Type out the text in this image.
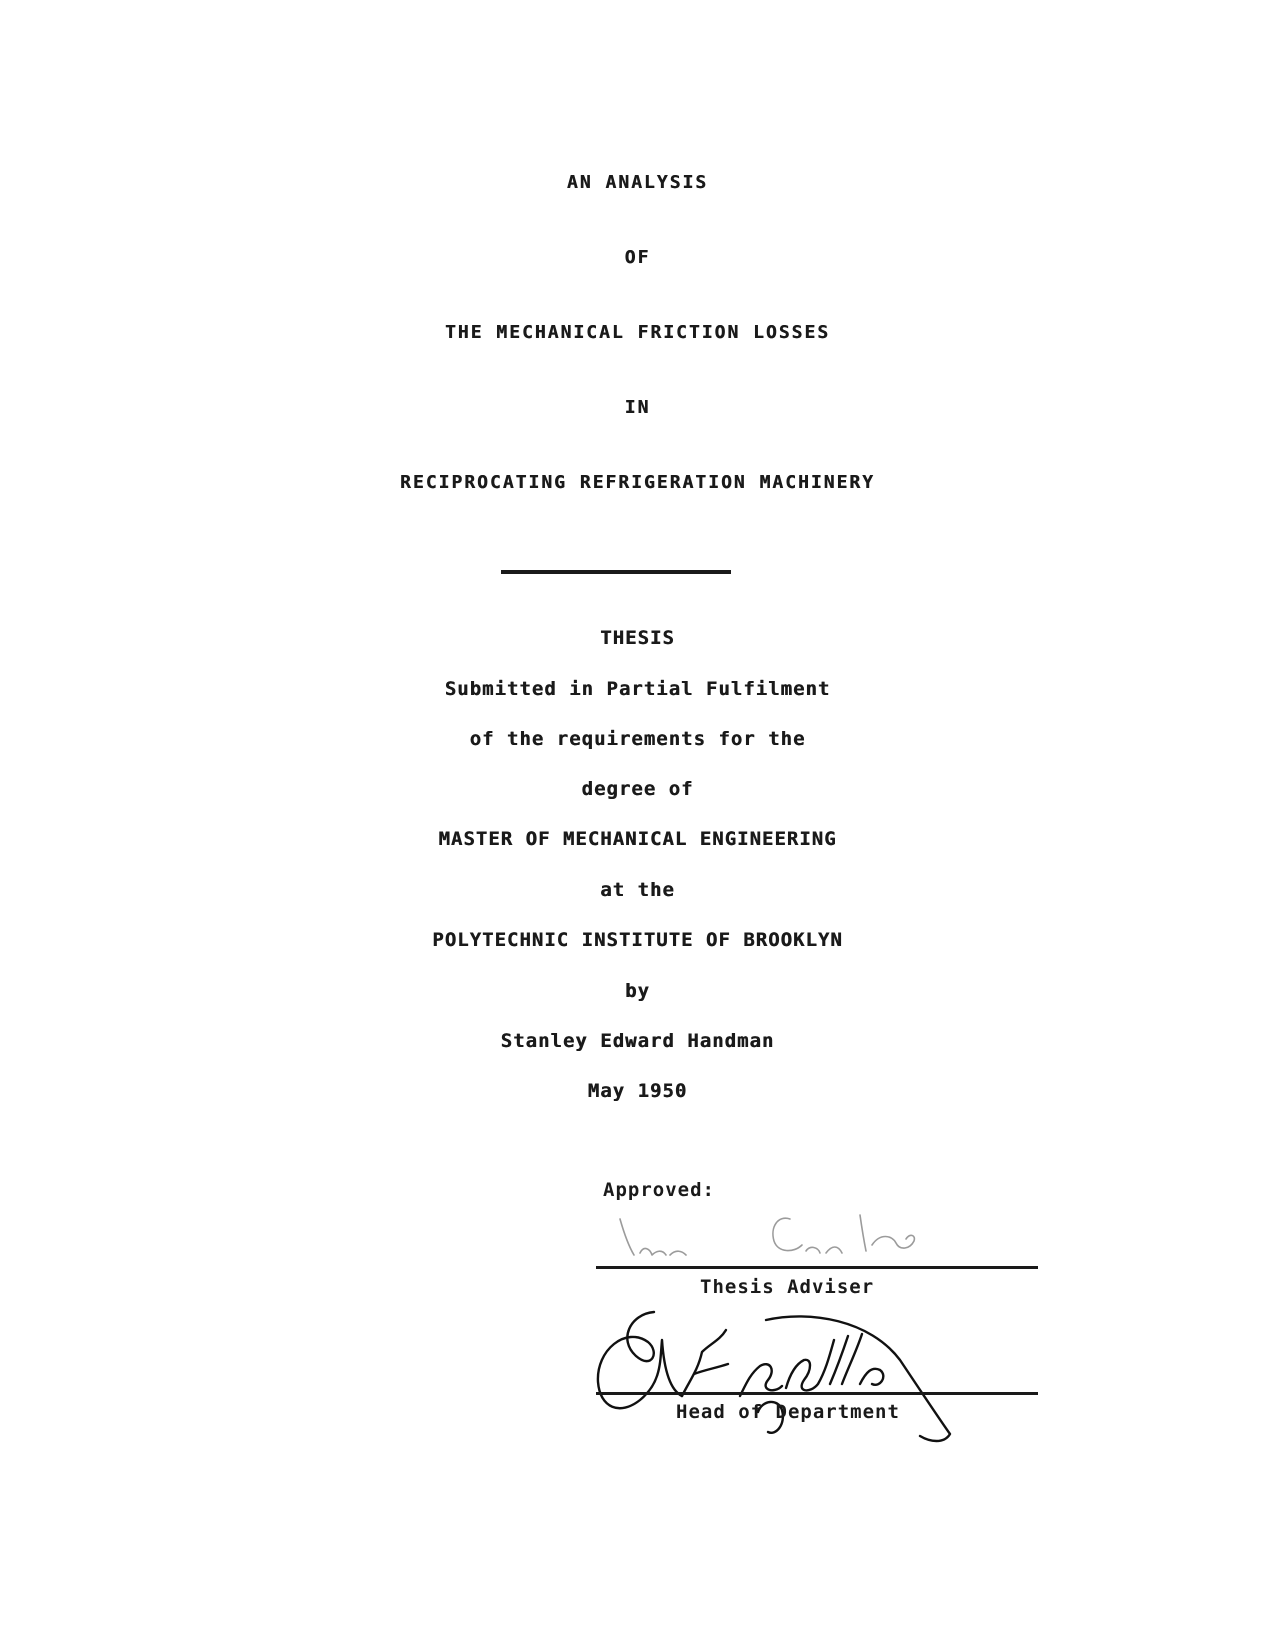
AN ANALYSIS
OF
THE MECHANICAL FRICTION LOSSES
IN
RECIPROCATING REFRIGERATION MACHINERY
THESIS
Submitted in Partial Fulfilment
of the requirements for the
degree of
MASTER OF MECHANICAL ENGINEERING
at the
POLYTECHNIC INSTITUTE OF BROOKLYN
by
Stanley Edward Handman
May 1950
Approved:
Thesis Adviser
Head of Department
